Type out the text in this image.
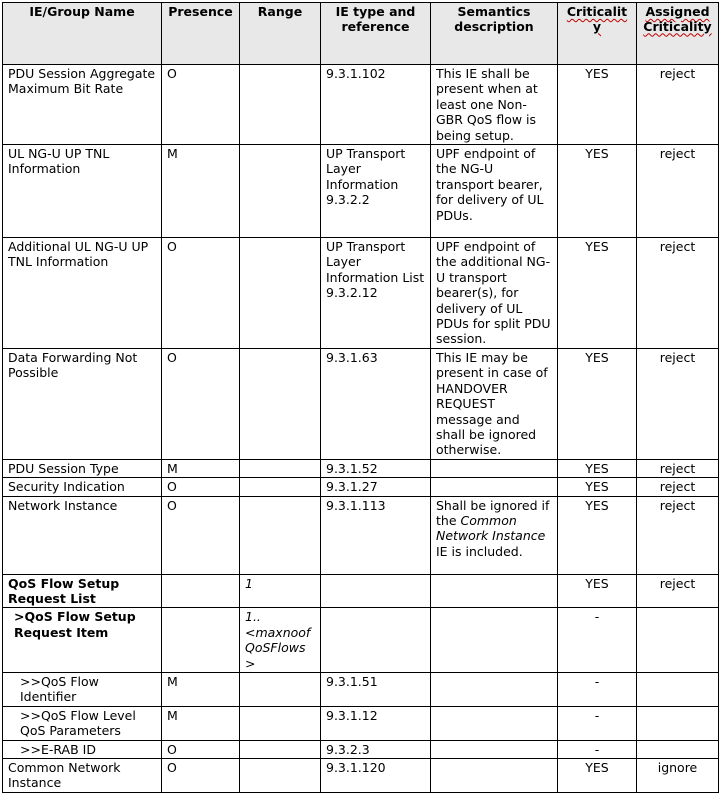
IE/Group Name	Presence	Range	IE type and reference	Semantics description	Criticality	Assigned Criticality
PDU Session Aggregate Maximum Bit Rate	O		9.3.1.102	This IE shall be present when at least one Non-GBR QoS flow is being setup.	YES	reject
UL NG-U UP TNL Information	M		UP Transport Layer Information 9.3.2.2	UPF endpoint of the NG-U transport bearer, for delivery of UL PDUs.	YES	reject
Additional UL NG-U UP TNL Information	O		UP Transport Layer Information List 9.3.2.12	UPF endpoint of the additional NG-U transport bearer(s), for delivery of UL PDUs for split PDU session.	YES	reject
Data Forwarding Not Possible	O		9.3.1.63	This IE may be present in case of HANDOVER REQUEST message and shall be ignored otherwise.	YES	reject
PDU Session Type	M		9.3.1.52		YES	reject
Security Indication	O		9.3.1.27		YES	reject
Network Instance	O		9.3.1.113	Shall be ignored if the Common Network Instance IE is included.	YES	reject
QoS Flow Setup Request List		1			YES	reject
>QoS Flow Setup Request Item		1..<maxnoofQoSFlows>			-	
>>QoS Flow Identifier	M		9.3.1.51		-	
>>QoS Flow Level QoS Parameters	M		9.3.1.12		-	
>>E-RAB ID	O		9.3.2.3		-	
Common Network Instance	O		9.3.1.120		YES	ignore
